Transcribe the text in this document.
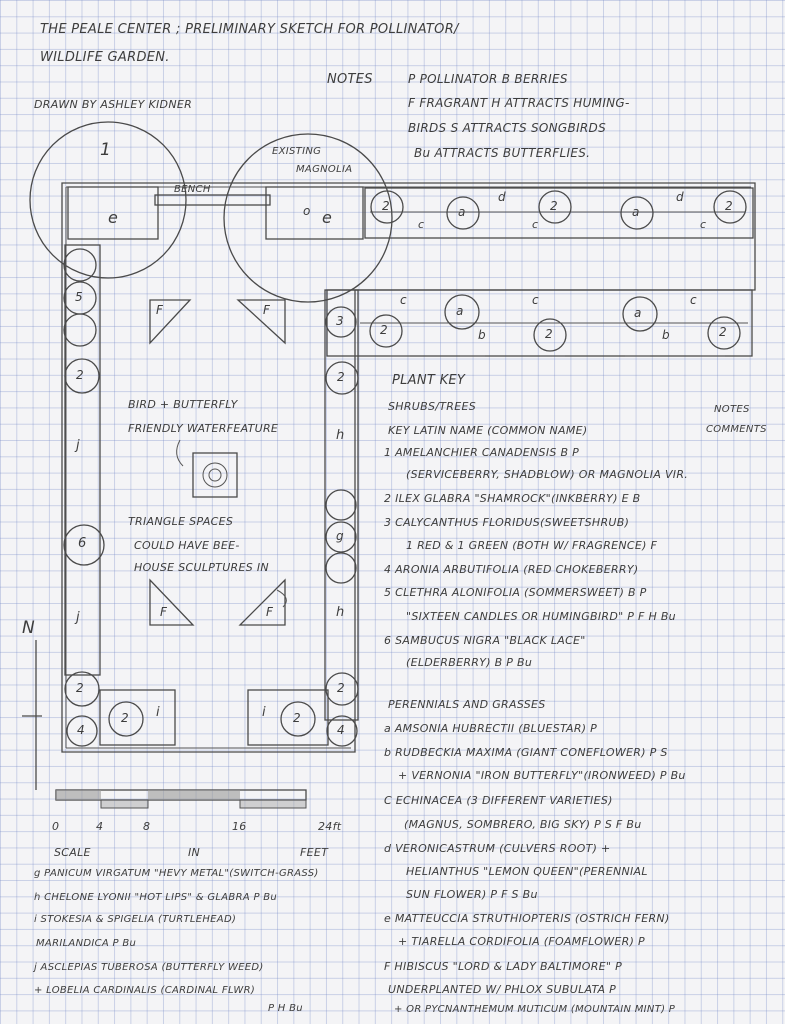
THE PEALE CENTER ; PRELIMINARY SKETCH FOR POLLINATOR/
WILDLIFE GARDEN.
DRAWN BY ASHLEY KIDNER
NOTES	P POLLINATOR B BERRIES
F FRAGRANT H ATTRACTS HUMING-
BIRDS S ATTRACTS SONGBIRDS
Bu ATTRACTS BUTTERFLIES.
1	EXISTING
MAGNOLIA
BENCH
e	o e
BIRD + BUTTERFLY
FRIENDLY WATERFEATURE
TRIANGLE SPACES
COULD HAVE BEE-
HOUSE SCULPTURES IN
F	F
F	F
N
5
2
j
6
j
2
4
3
2
h
g
h
2
4
i
2	i 2
2	a
d
2	a
d
2
c	c	c
c	c	c
a	a
2	2	2
b	b
0	4	8	16	24ft
SCALE	IN	FEET
g PANICUM VIRGATUM "HEVY METAL"(SWITCH-GRASS)
h CHELONE LYONII "HOT LIPS" & GLABRA P Bu
i STOKESIA & SPIGELIA (TURTLEHEAD)
MARILANDICA P Bu
j ASCLEPIAS TUBEROSA (BUTTERFLY WEED)
+ LOBELIA CARDINALIS (CARDINAL FLWR)
P H Bu
PLANT KEY
SHRUBS/TREES	NOTES
KEY LATIN NAME (COMMON NAME)	COMMENTS
1 AMELANCHIER CANADENSIS B P
(SERVICEBERRY, SHADBLOW) OR MAGNOLIA VIR.
2 ILEX GLABRA "SHAMROCK"(INKBERRY) E B
3 CALYCANTHUS FLORIDUS(SWEETSHRUB)
1 RED & 1 GREEN (BOTH W/ FRAGRENCE) F
4 ARONIA ARBUTIFOLIA (RED CHOKEBERRY)
5 CLETHRA ALONIFOLIA (SOMMERSWEET) B P
"SIXTEEN CANDLES OR HUMINGBIRD" P F H Bu
6 SAMBUCUS NIGRA "BLACK LACE"
(ELDERBERRY) B P Bu
PERENNIALS AND GRASSES
a AMSONIA HUBRECTII (BLUESTAR) P
b RUDBECKIA MAXIMA (GIANT CONEFLOWER) P S
+ VERNONIA "IRON BUTTERFLY"(IRONWEED) P Bu
C ECHINACEA (3 DIFFERENT VARIETIES)
(MAGNUS, SOMBRERO, BIG SKY) P S F Bu
d VERONICASTRUM (CULVERS ROOT) +
HELIANTHUS "LEMON QUEEN"(PERENNIAL
SUN FLOWER) P F S Bu
e MATTEUCCIA STRUTHIOPTERIS (OSTRICH FERN)
+ TIARELLA CORDIFOLIA (FOAMFLOWER) P
F HIBISCUS "LORD & LADY BALTIMORE" P
UNDERPLANTED W/ PHLOX SUBULATA P
+ OR PYCNANTHEMUM MUTICUM (MOUNTAIN MINT) P
